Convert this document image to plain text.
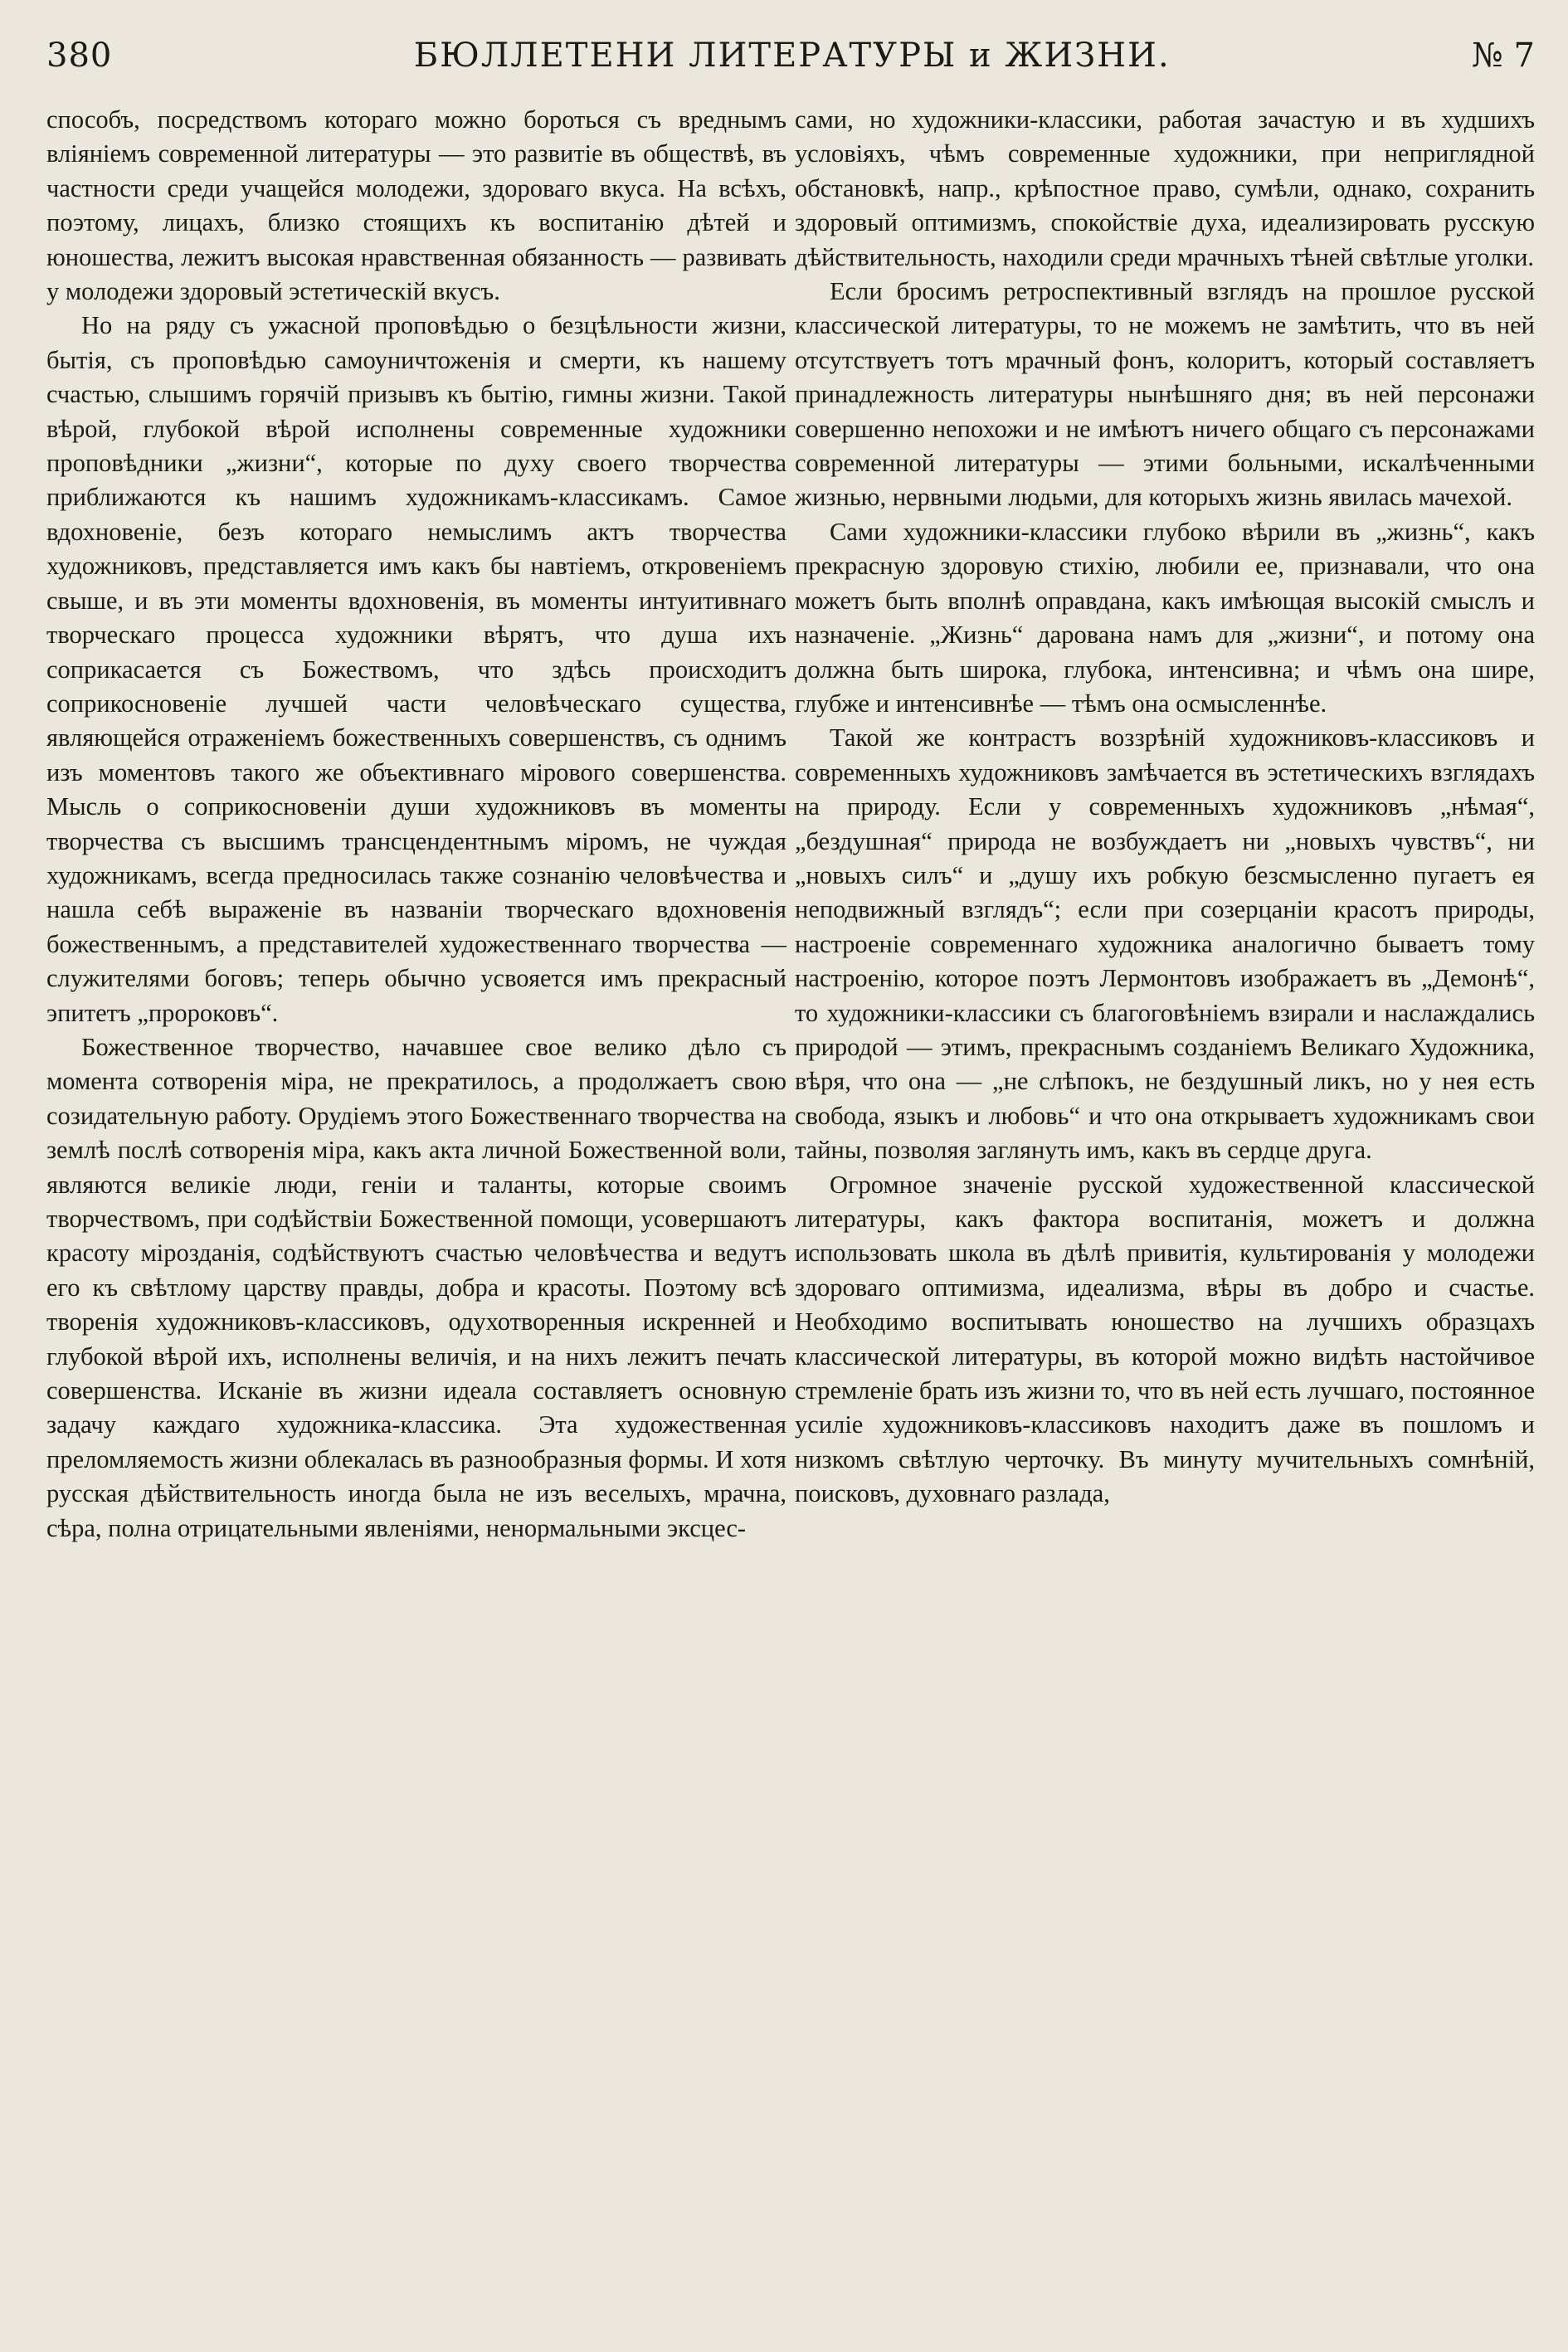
380	БЮЛЛЕТЕНИ ЛИТЕРАТУРЫ и ЖИЗНИ.	№ 7

способъ, посредствомъ котораго можно бороться съ вреднымъ вліяніемъ современной литературы — это развитіе въ обществѣ, въ частности среди учащейся молодежи, здороваго вкуса. На всѣхъ, поэтому, лицахъ, близко стоящихъ къ воспитанію дѣтей и юношества, лежитъ высокая нравственная обязанность — развивать у молодежи здоровый эстетическій вкусъ.

Но на ряду съ ужасной проповѣдью о безцѣльности жизни, бытія, съ проповѣдью самоуничтоженія и смерти, къ нашему счастью, слышимъ горячій призывъ къ бытію, гимны жизни. Такой вѣрой, глубокой вѣрой исполнены современные художники проповѣдники „жизни“, которые по духу своего творчества приближаются къ нашимъ художникамъ-классикамъ. Самое вдохновеніе, безъ котораго немыслимъ актъ творчества художниковъ, представляется имъ какъ бы навтіемъ, откровеніемъ свыше, и въ эти моменты вдохновенія, въ моменты интуитивнаго творческаго процесса художники вѣрятъ, что душа ихъ соприкасается съ Божествомъ, что здѣсь происходитъ соприкосновеніе лучшей части человѣческаго существа, являющейся отраженіемъ божественныхъ совершенствъ, съ однимъ изъ моментовъ такого же объективнаго мірового совершенства. Мысль о соприкосновеніи души художниковъ въ моменты творчества съ высшимъ трансцендентнымъ міромъ, не чуждая художникамъ, всегда предносилась также сознанію человѣчества и нашла себѣ выраженіе въ названіи творческаго вдохновенія божественнымъ, а представителей художественнаго творчества — служителями боговъ; теперь обычно усвояется имъ прекрасный эпитетъ „пророковъ“.

Божественное творчество, начавшее свое велико дѣло съ момента сотворенія міра, не прекратилось, а продолжаетъ свою созидательную работу. Орудіемъ этого Божественнаго творчества на землѣ послѣ сотворенія міра, какъ акта личной Божественной воли, являются великіе люди, геніи и таланты, которые своимъ творчествомъ, при содѣйствіи Божественной помощи, усовершаютъ красоту мірозданія, содѣйствуютъ счастью человѣчества и ведутъ его къ свѣтлому царству правды, добра и красоты. Поэтому всѣ творенія художниковъ-классиковъ, одухотворенныя искренней и глубокой вѣрой ихъ, исполнены величія, и на нихъ лежитъ печать совершенства. Исканіе въ жизни идеала составляетъ основную задачу каждаго художника-классика. Эта художественная преломляемость жизни облекалась въ разнообразныя формы. И хотя русская дѣйствительность иногда была не изъ веселыхъ, мрачна, сѣра, полна отрицательными явленіями, ненормальными эксцес-

сами, но художники-классики, работая зачастую и въ худшихъ условіяхъ, чѣмъ современные художники, при неприглядной обстановкѣ, напр., крѣпостное право, сумѣли, однако, сохранить здоровый оптимизмъ, спокойствіе духа, идеализировать русскую дѣйствительность, находили среди мрачныхъ тѣней свѣтлые уголки.

Если бросимъ ретроспективный взглядъ на прошлое русской классической литературы, то не можемъ не замѣтить, что въ ней отсутствуетъ тотъ мрачный фонъ, колоритъ, который составляетъ принадлежность литературы нынѣшняго дня; въ ней персонажи совершенно непохожи и не имѣютъ ничего общаго съ персонажами современной литературы — этими больными, искалѣченными жизнью, нервными людьми, для которыхъ жизнь явилась мачехой.

Сами художники-классики глубоко вѣрили въ „жизнь“, какъ прекрасную здоровую стихію, любили ее, признавали, что она можетъ быть вполнѣ оправдана, какъ имѣющая высокій смыслъ и назначеніе. „Жизнь“ дарована намъ для „жизни“, и потому она должна быть широка, глубока, интенсивна; и чѣмъ она шире, глубже и интенсивнѣе — тѣмъ она осмысленнѣе.

Такой же контрастъ воззрѣній художниковъ-классиковъ и современныхъ художниковъ замѣчается въ эстетическихъ взглядахъ на природу. Если у современныхъ художниковъ „нѣмая“, „бездушная“ природа не возбуждаетъ ни „новыхъ чувствъ“, ни „новыхъ силъ“ и „душу ихъ робкую безсмысленно пугаетъ ея неподвижный взглядъ“; если при созерцаніи красотъ природы, настроеніе современнаго художника аналогично бываетъ тому настроенію, которое поэтъ Лермонтовъ изображаетъ въ „Демонѣ“, то художники-классики съ благоговѣніемъ взирали и наслаждались природой — этимъ, прекраснымъ созданіемъ Великаго Художника, вѣря, что она — „не слѣпокъ, не бездушный ликъ, но у нея есть свобода, языкъ и любовь“ и что она открываетъ художникамъ свои тайны, позволяя заглянуть имъ, какъ въ сердце друга.

Огромное значеніе русской художественной классической литературы, какъ фактора воспитанія, можетъ и должна использовать школа въ дѣлѣ привитія, культированія у молодежи здороваго оптимизма, идеализма, вѣры въ добро и счастье. Необходимо воспитывать юношество на лучшихъ образцахъ классической литературы, въ которой можно видѣть настойчивое стремленіе брать изъ жизни то, что въ ней есть лучшаго, постоянное усиліе художниковъ-классиковъ находитъ даже въ пошломъ и низкомъ свѣтлую черточку. Въ минуту мучительныхъ сомнѣній, поисковъ, духовнаго разлада,
